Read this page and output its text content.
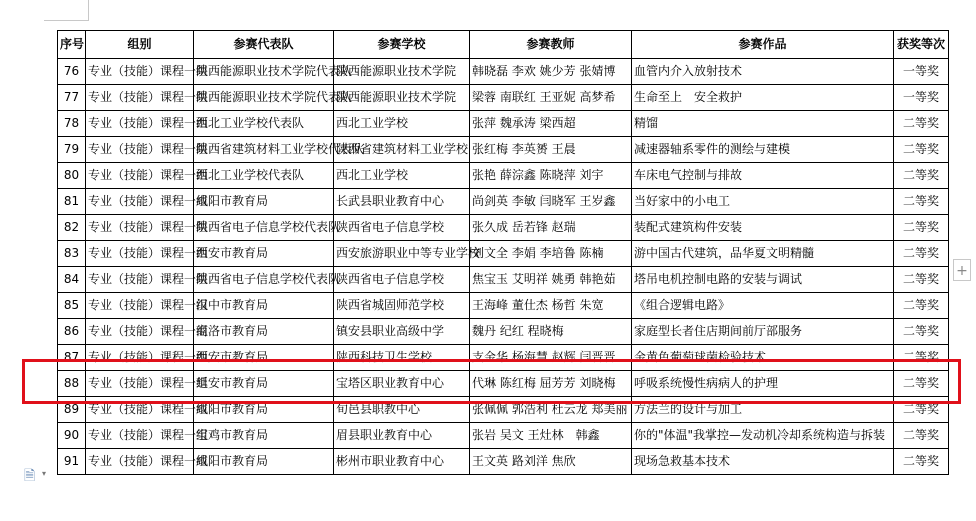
序号	组别	参赛代表队	参赛学校	参赛教师	参赛作品	获奖等次
76	专业（技能）课程一组	陕西能源职业技术学院代表队	陕西能源职业技术学院	韩晓磊 李欢 姚少芳 张婧博	血管内介入放射技术	一等奖
77	专业（技能）课程一组	陕西能源职业技术学院代表队	陕西能源职业技术学院	梁蓉 南联红 王亚妮 高梦希	生命至上　安全救护	一等奖
78	专业（技能）课程一组	西北工业学校代表队	西北工业学校	张萍 魏承涛 梁西超	精馏	二等奖
79	专业（技能）课程一组	陕西省建筑材料工业学校代表队	陕西省建筑材料工业学校	张红梅 李英赟 王晨	减速器轴系零件的测绘与建模	二等奖
80	专业（技能）课程一组	西北工业学校代表队	西北工业学校	张艳 薛淙鑫 陈晓萍 刘宇	车床电气控制与排故	二等奖
81	专业（技能）课程一组	咸阳市教育局	长武县职业教育中心	尚剑英 李敏 闫晓军 王岁鑫	当好家中的小电工	二等奖
82	专业（技能）课程一组	陕西省电子信息学校代表队	陕西省电子信息学校	张久成 岳若锋 赵瑞	装配式建筑构件安装	二等奖
83	专业（技能）课程一组	西安市教育局	西安旅游职业中等专业学校	刘文全 李娟 李培鲁 陈楠	游中国古代建筑，品华夏文明精髓	二等奖
84	专业（技能）课程一组	陕西省电子信息学校代表队	陕西省电子信息学校	焦宝玉 艾明祥 姚勇 韩艳茹	塔吊电机控制电路的安装与调试	二等奖
85	专业（技能）课程一组	汉中市教育局	陕西省城固师范学校	王海峰 董仕杰 杨哲 朱宽	《组合逻辑电路》	二等奖
86	专业（技能）课程一组	商洛市教育局	镇安县职业高级中学	魏丹 纪红 程晓梅	家庭型长者住店期间前厅部服务	二等奖
87	专业（技能）课程一组	西安市教育局	陕西科技卫生学校	支金华 杨海慧 赵辉 闫晋晋	金黄色葡萄球菌检验技术	二等奖
88	专业（技能）课程一组	延安市教育局	宝塔区职业教育中心	代琳 陈红梅 屈芳芳 刘晓梅	呼吸系统慢性病病人的护理	二等奖
89	专业（技能）课程一组	咸阳市教育局	旬邑县职教中心	张佩佩 郭浩利 杜云龙 郑美丽	方法兰的设计与加工	二等奖
90	专业（技能）课程一组	宝鸡市教育局	眉县职业教育中心	张岩 吴文 王灶林　韩鑫	你的"体温"我掌控—发动机冷却系统构造与拆装	二等奖
91	专业（技能）课程一组	咸阳市教育局	彬州市职业教育中心	王文英 路刘洋 焦欣	现场急救基本技术	二等奖
+
🗎 ▾
